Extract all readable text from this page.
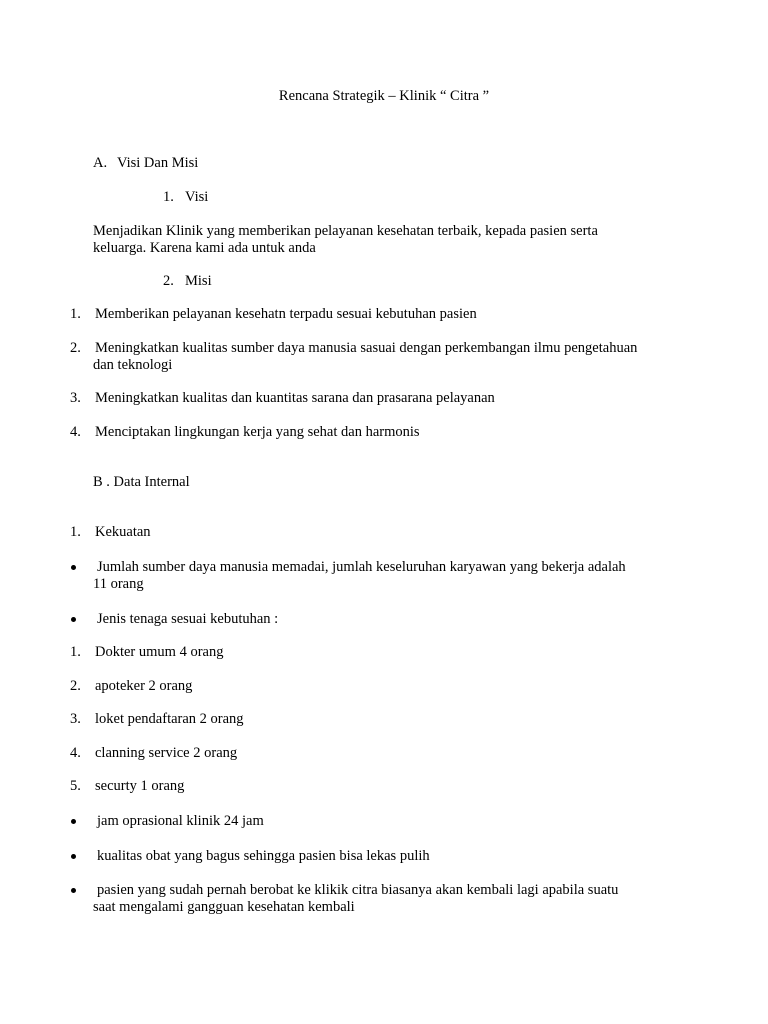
Rencana Strategik – Klinik “ Citra ”
A. Visi Dan Misi
1. Visi
Menjadikan Klinik yang memberikan pelayanan kesehatan terbaik, kepada pasien serta
keluarga. Karena kami ada untuk anda
2. Misi
1. Memberikan pelayanan kesehatn terpadu sesuai kebutuhan pasien
2. Meningkatkan kualitas sumber daya manusia sasuai dengan perkembangan ilmu pengetahuan
dan teknologi
3. Meningkatkan kualitas dan kuantitas sarana dan prasarana pelayanan
4. Menciptakan lingkungan kerja yang sehat dan harmonis
B . Data Internal
1. Kekuatan
Jumlah sumber daya manusia memadai, jumlah keseluruhan karyawan yang bekerja adalah
11 orang
Jenis tenaga sesuai kebutuhan :
1. Dokter umum 4 orang
2. apoteker 2 orang
3. loket pendaftaran 2 orang
4. clanning service 2 orang
5. securty 1 orang
jam oprasional klinik 24 jam
kualitas obat yang bagus sehingga pasien bisa lekas pulih
pasien yang sudah pernah berobat ke klikik citra biasanya akan kembali lagi apabila suatu
saat mengalami gangguan kesehatan kembali
